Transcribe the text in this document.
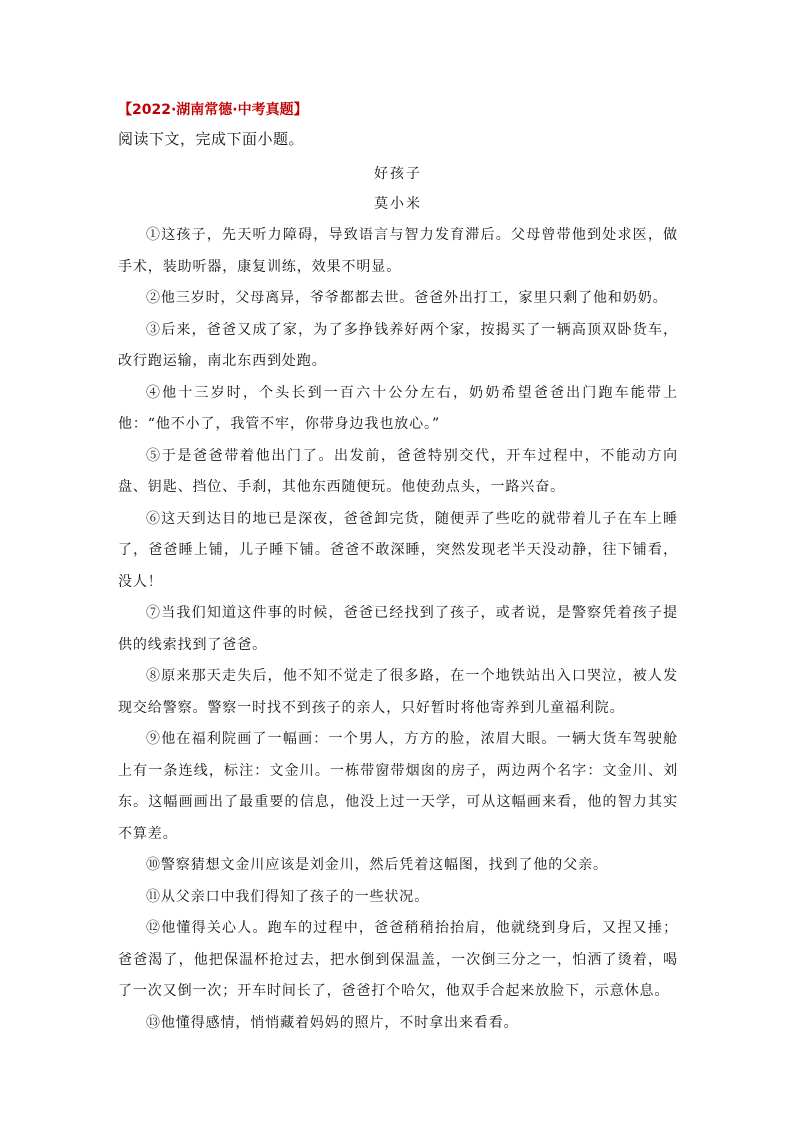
【2022·湖南常德·中考真题】
阅读下文，完成下面小题。
好孩子
莫小米

①这孩子，先天听力障碍，导致语言与智力发育滞后。父母曾带他到处求医，做手术，装助听器，康复训练，效果不明显。

②他三岁时，父母离异，爷爷都都去世。爸爸外出打工，家里只剩了他和奶奶。

③后来，爸爸又成了家，为了多挣钱养好两个家，按揭买了一辆高顶双卧货车，改行跑运输，南北东西到处跑。

④他十三岁时，个头长到一百六十公分左右，奶奶希望爸爸出门跑车能带上他：“他不小了，我管不牢，你带身边我也放心。”

⑤于是爸爸带着他出门了。出发前，爸爸特别交代，开车过程中，不能动方向盘、钥匙、挡位、手刹，其他东西随便玩。他使劲点头，一路兴奋。

⑥这天到达目的地已是深夜，爸爸卸完货，随便弄了些吃的就带着儿子在车上睡了，爸爸睡上铺，儿子睡下铺。爸爸不敢深睡，突然发现老半天没动静，往下铺看，没人！

⑦当我们知道这件事的时候，爸爸已经找到了孩子，或者说，是警察凭着孩子提供的线索找到了爸爸。

⑧原来那天走失后，他不知不觉走了很多路，在一个地铁站出入口哭泣，被人发现交给警察。警察一时找不到孩子的亲人，只好暂时将他寄养到儿童福利院。

⑨他在福利院画了一幅画：一个男人，方方的脸，浓眉大眼。一辆大货车驾驶舱上有一条连线，标注：文金川。一栋带窗带烟囱的房子，两边两个名字：文金川、刘东。这幅画画出了最重要的信息，他没上过一天学，可从这幅画来看，他的智力其实不算差。

⑩警察猜想文金川应该是刘金川，然后凭着这幅图，找到了他的父亲。

⑪从父亲口中我们得知了孩子的一些状况。

⑫他懂得关心人。跑车的过程中，爸爸稍稍抬抬肩，他就绕到身后，又捏又捶；爸爸渴了，他把保温杯抢过去，把水倒到保温盖，一次倒三分之一，怕洒了烫着，喝了一次又倒一次；开车时间长了，爸爸打个哈欠，他双手合起来放脸下，示意休息。

⑬他懂得感情，悄悄藏着妈妈的照片，不时拿出来看看。
